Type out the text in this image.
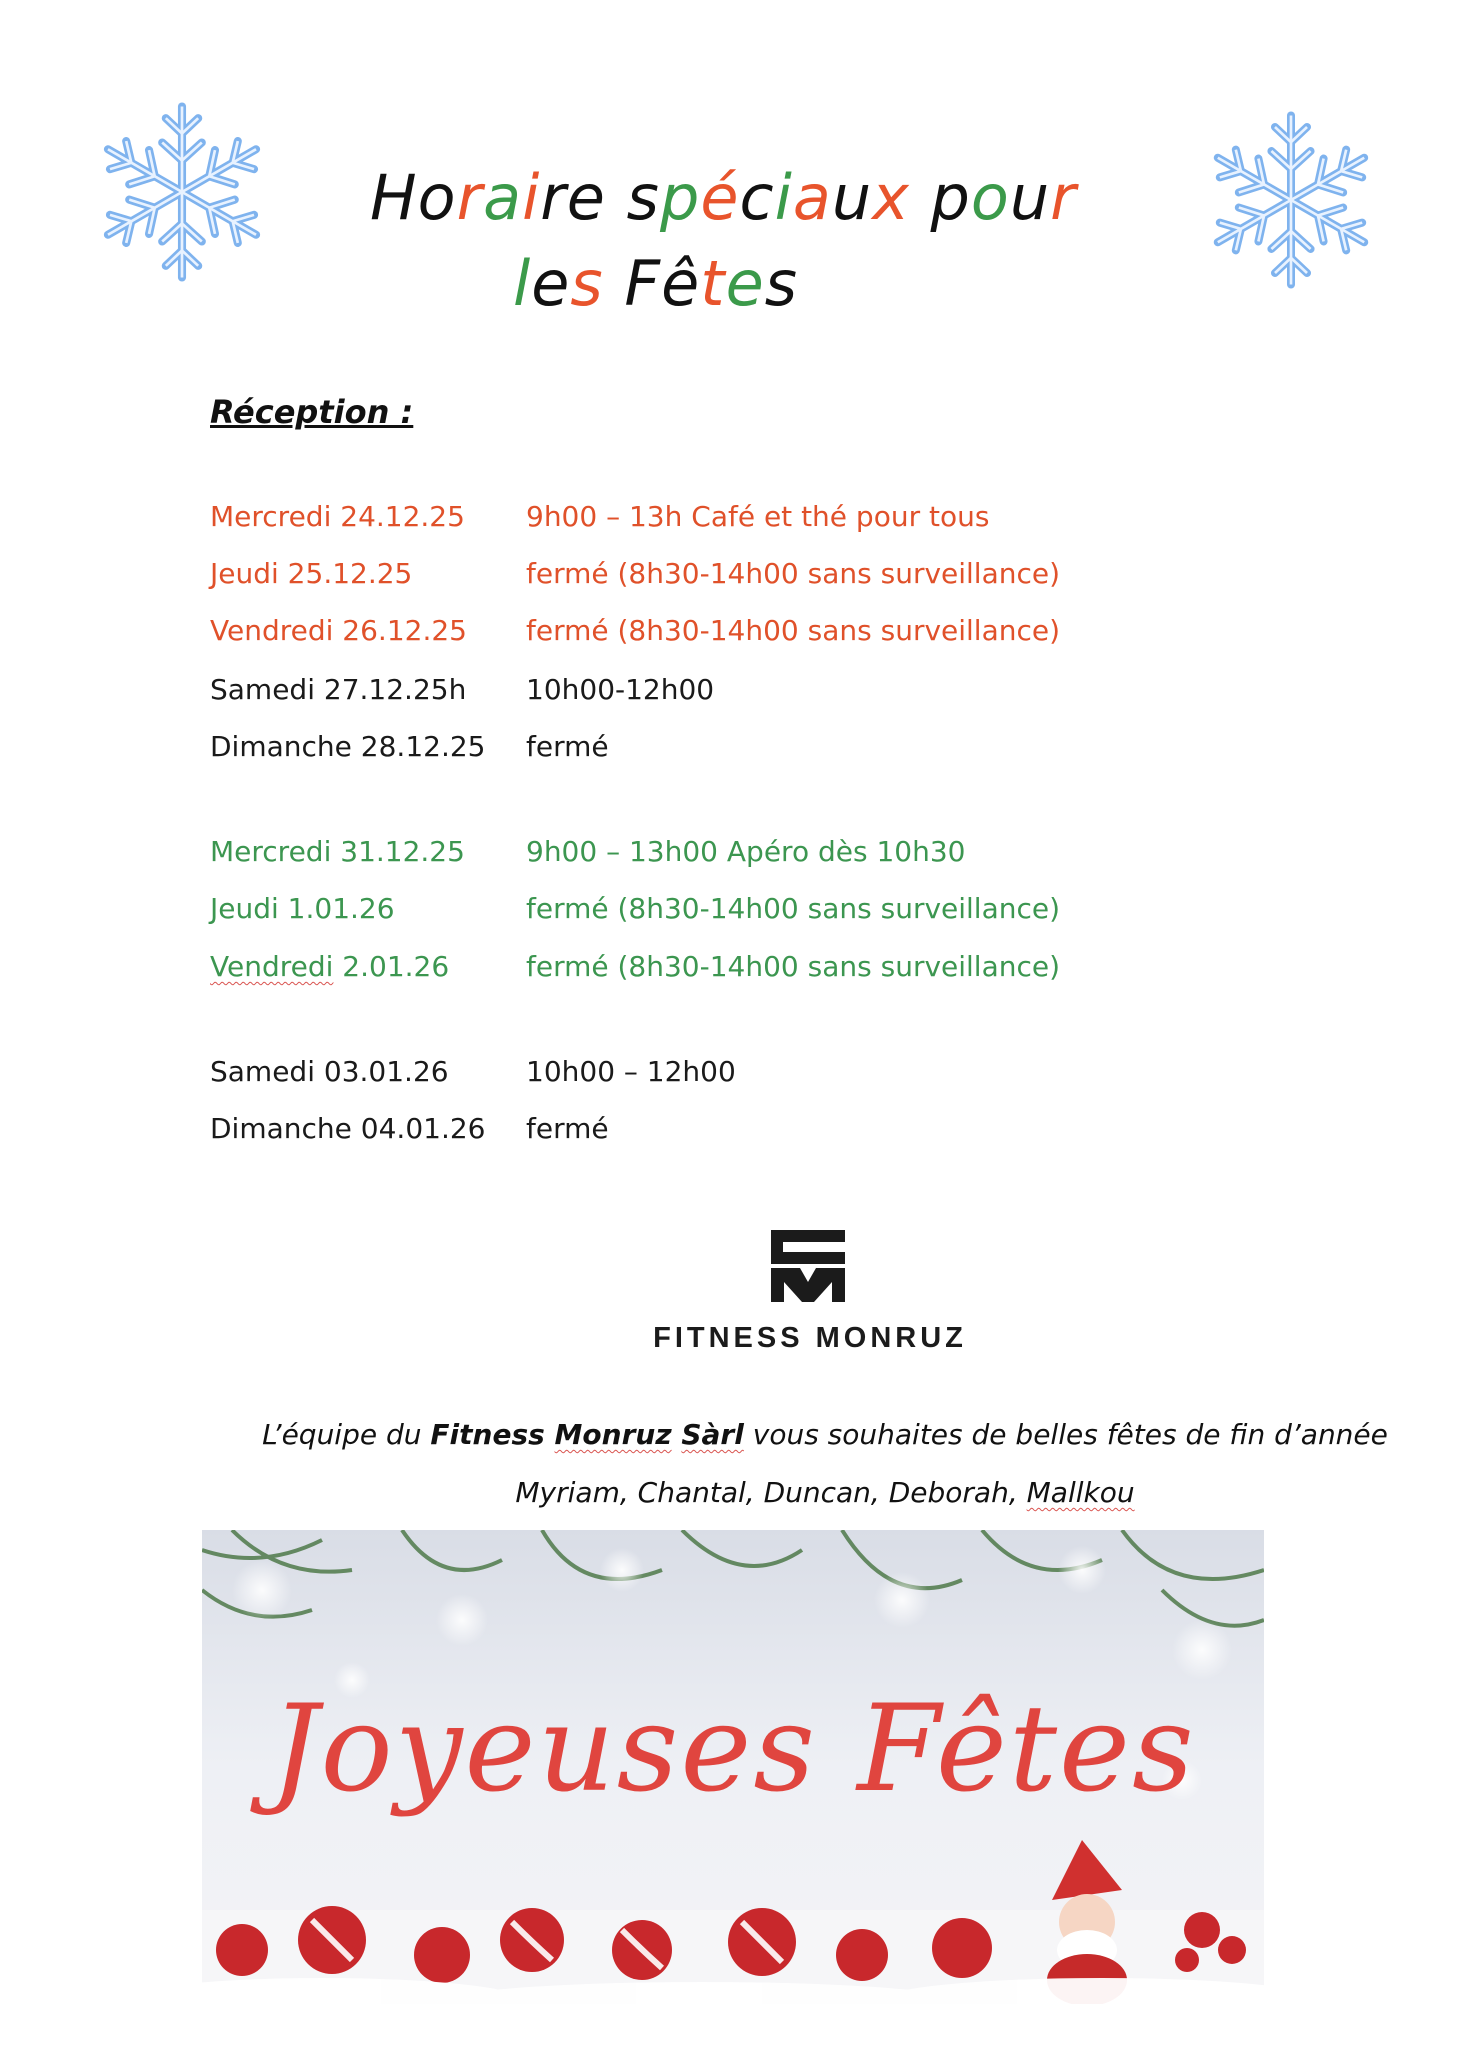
Horaire spéciaux pour
les Fêtes
Réception :
Mercredi 24.12.25 9h00 – 13h Café et thé pour tous
Jeudi 25.12.25	fermé (8h30-14h00 sans surveillance)
Vendredi 26.12.25 fermé (8h30-14h00 sans surveillance)
Samedi 27.12.25h 10h00-12h00
Dimanche 28.12.25 fermé
Mercredi 31.12.25 9h00 – 13h00 Apéro dès 10h30
Jeudi 1.01.26	fermé (8h30-14h00 sans surveillance)
Vendredi 2.01.26	fermé (8h30-14h00 sans surveillance)
Samedi 03.01.26	10h00 – 12h00
Dimanche 04.01.26 fermé
FITNESS MONRUZ
L’équipe du Fitness Monruz Sàrl vous souhaites de belles fêtes de fin d’année
Myriam, Chantal, Duncan, Deborah, Mallkou
Joyeuses Fêtes
